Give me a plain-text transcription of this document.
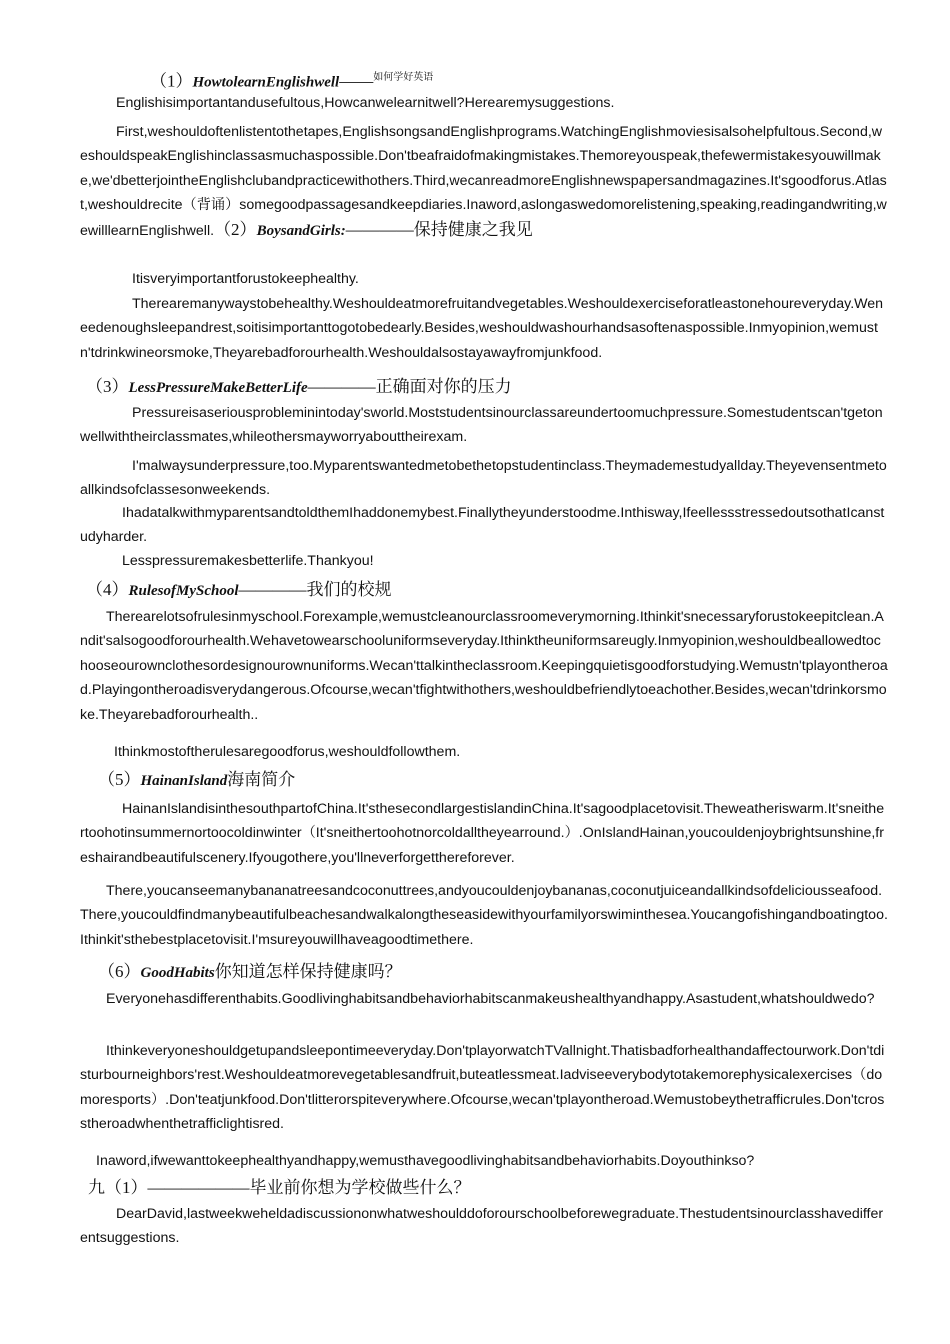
（1）HowtolearnEnglishwell——$^{如何学好英语}$
Englishisimportantandusefultous,Howcanwelearnitwell?Herearemysuggestions.
First,weshouldoftenlistentothetapes,EnglishsongsandEnglishprograms.WatchingEnglishmoviesisalsohelpfultous.Second,weshouldspeakEnglishinclassasmuchaspossible.Don'tbeafraidofmakingmistakes.Themoreyouspeak,thefewermistakesyouwillmake,we'dbetterjointheEnglishclubandpracticewithothers.Third,wecanreadmoreEnglishnewspapersandmagazines.It'sgoodforus.Atlast,weshouldrecite（背诵）somegoodpassagesandkeepdiaries.Inaword,aslongaswedomorelistening,speaking,readingandwriting,wewilllearnEnglishwell.（2）BoysandGirls:————保持健康之我见
Itisveryimportantforustokeephealthy.
Therearemanywaystobehealthy.Weshouldeatmorefruitandvegetables.Weshouldexerciseforatleastonehoureveryday.Weneedenoughsleepandrest,soitisimportanttogotobedearly.Besides,weshouldwashourhandsasoftenaspossible.Inmyopinion,wemustn'tdrinkwineorsmoke,Theyarebadforourhealth.Weshouldalsostayawayfromjunkfood.
（3）LessPressureMakeBetterLife————正确面对你的压力
Pressureisaseriousprobleminintoday'sworld.Moststudentsinourclassareundertoomuchpressure.Somestudentscan'tgetonwellwiththeirclassmates,whileothersmayworryabouttheirexam.
I'malwaysunderpressure,too.Myparentswantedmetobethetopstudentinclass.Theymademestudyallday.Theyevensentmetoallkindsofclassesonweekends.
IhadatalkwithmyparentsandtoldthemIhaddonemybest.Finallytheyunderstoodme.Inthisway,IfeellessstressedoutsothatIcanstudyharder.
Lesspressuremakesbetterlife.Thankyou!
（4）RulesofMySchool————我们的校规
Therearelotsofrulesinmyschool.Forexample,wemustcleanourclassroomeverymorning.Ithinkit'snecessaryforustokeepitclean.Andit'salsogoodforourhealth.Wehavetowearschooluniformseveryday.Ithinktheuniformsareugly.Inmyopinion,weshouldbeallowedtochooseourownclothesordesignourownuniforms.Wecan'ttalkintheclassroom.Keepingquietisgoodforstudying.Wemustn'tplayontheroad.Playingontheroadisverydangerous.Ofcourse,wecan'tfightwithothers,weshouldbefriendlytoeachother.Besides,wecan'tdrinkorsmoke.Theyarebadforourhealth..
Ithinkmostoftherulesaregoodforus,weshouldfollowthem.
（5）HainanIsland海南简介
HainanIslandisinthesouthpartofChina.It'sthesecondlargestislandinChina.It'sagoodplacetovisit.Theweatheriswarm.It'sneithertoohotinsummernortoocoldinwinter（It'sneithertoohotnorcoldalltheyearround.）.OnIslandHainan,youcouldenjoybrightsunshine,freshairandbeautifulscenery.Ifyougothere,you'llneverforgetthereforever.
There,youcanseemanybananatreesandcoconuttrees,andyoucouldenjoybananas,coconutjuiceandallkindsofdeliciousseafood.There,youcouldfindmanybeautifulbeachesandwalkalongtheseasidewithyourfamilyorswiminthesea.Youcangofishingandboatingtoo.Ithinkit'sthebestplacetovisit.I'msureyouwillhaveagoodtimethere.
（6）GoodHabits你知道怎样保持健康吗？
Everyonehasdifferenthabits.Goodlivinghabitsandbehaviorhabitscanmakeushealthyandhappy.Asastudent,whatshouldwedo?
Ithinkeveryoneshouldgetupandsleepontimeeveryday.Don'tplayorwatchTVallnight.Thatisbadforhealthandaffectourwork.Don'tdisturbourneighbors'rest.Weshouldeatmorevegetablesandfruit,buteatlessmeat.Iadviseeverybodytotakemorephysicalexercises（domoresports）.Don'teatjunkfood.Don'tlitterorspiteverywhere.Ofcourse,wecan'tplayontheroad.Wemustobeythetrafficrules.Don'tcrosstheroadwhenthetrafficlightisred.
Inaword,ifwewanttokeephealthyandhappy,wemusthavegoodlivinghabitsandbehaviorhabits.Doyouthinkso?
九（1）——————毕业前你想为学校做些什么？
DearDavid,lastweekweheldadiscussiononwhatweshoulddoforourschoolbeforewegraduate.Thestudentsinourclasshavedifferentsuggestions.
